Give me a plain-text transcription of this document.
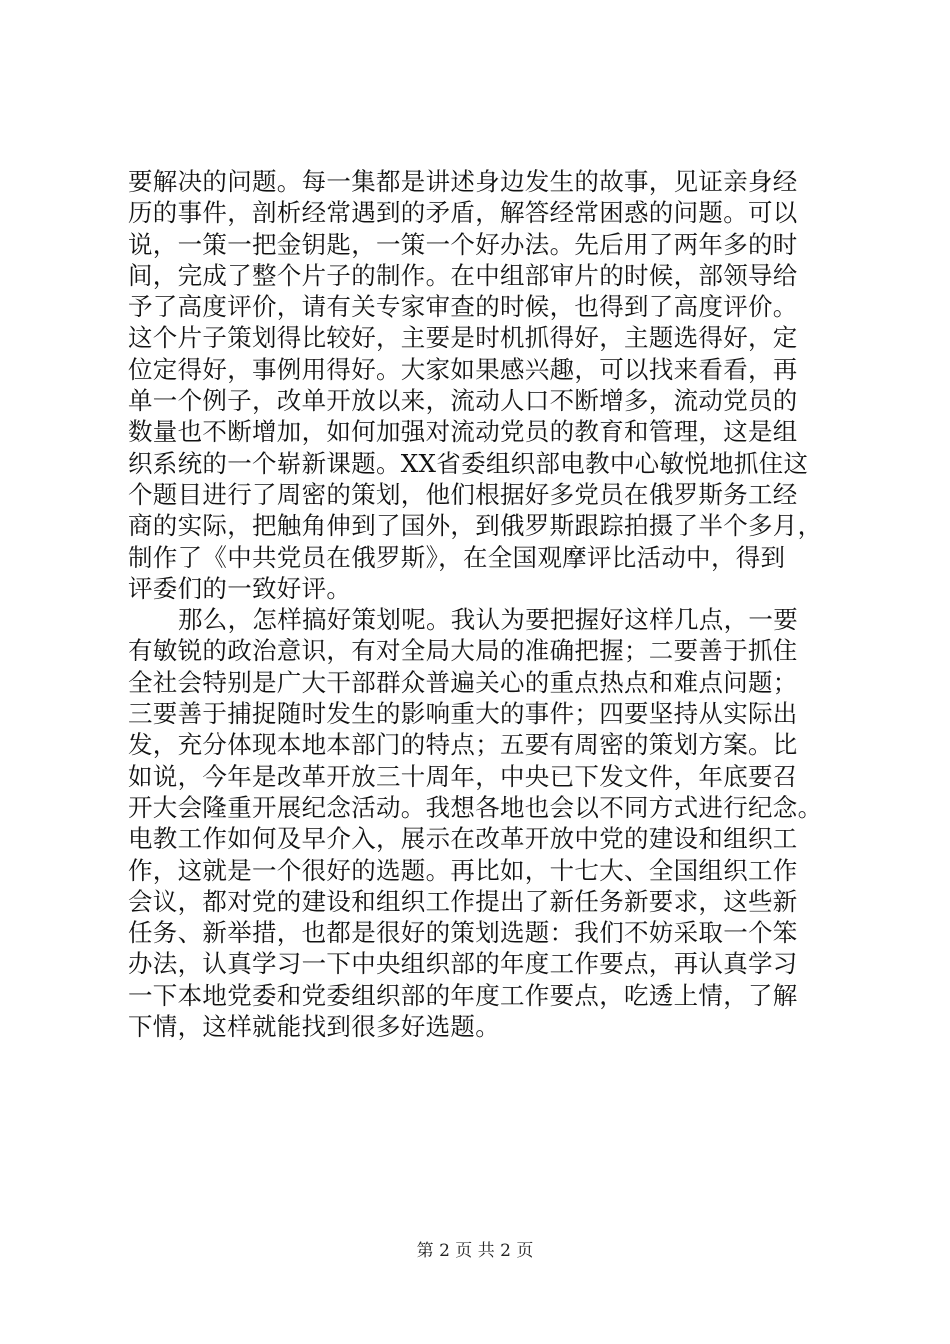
要解决的问题。每一集都是讲述身边发生的故事，见证亲身经
历的事件，剖析经常遇到的矛盾，解答经常困惑的问题。可以
说，一策一把金钥匙，一策一个好办法。先后用了两年多的时
间，完成了整个片子的制作。在中组部审片的时候，部领导给
予了高度评价，请有关专家审查的时候，也得到了高度评价。
这个片子策划得比较好，主要是时机抓得好，主题选得好，定
位定得好，事例用得好。大家如果感兴趣，可以找来看看，再
单一个例子，改单开放以来，流动人口不断增多，流动党员的
数量也不断增加，如何加强对流动党员的教育和管理，这是组
织系统的一个崭新课题。XX省委组织部电教中心敏悦地抓住这
个题目进行了周密的策划，他们根据好多党员在俄罗斯务工经
商的实际，把触角伸到了国外，到俄罗斯跟踪拍摄了半个多月，
制作了《中共党员在俄罗斯》，在全国观摩评比活动中，得到
评委们的一致好评。
那么，怎样搞好策划呢。我认为要把握好这样几点，一要
有敏锐的政治意识，有对全局大局的准确把握；二要善于抓住
全社会特别是广大干部群众普遍关心的重点热点和难点问题；
三要善于捕捉随时发生的影响重大的事件；四要坚持从实际出
发，充分体现本地本部门的特点；五要有周密的策划方案。比
如说，今年是改革开放三十周年，中央已下发文件，年底要召
开大会隆重开展纪念活动。我想各地也会以不同方式进行纪念。
电教工作如何及早介入，展示在改革开放中党的建设和组织工
作，这就是一个很好的选题。再比如，十七大、全国组织工作
会议，都对党的建设和组织工作提出了新任务新要求，这些新
任务、新举措，也都是很好的策划选题：我们不妨采取一个笨
办法，认真学习一下中央组织部的年度工作要点，再认真学习
一下本地党委和党委组织部的年度工作要点，吃透上情，了解
下情，这样就能找到很多好选题。
第 2 页 共 2 页
